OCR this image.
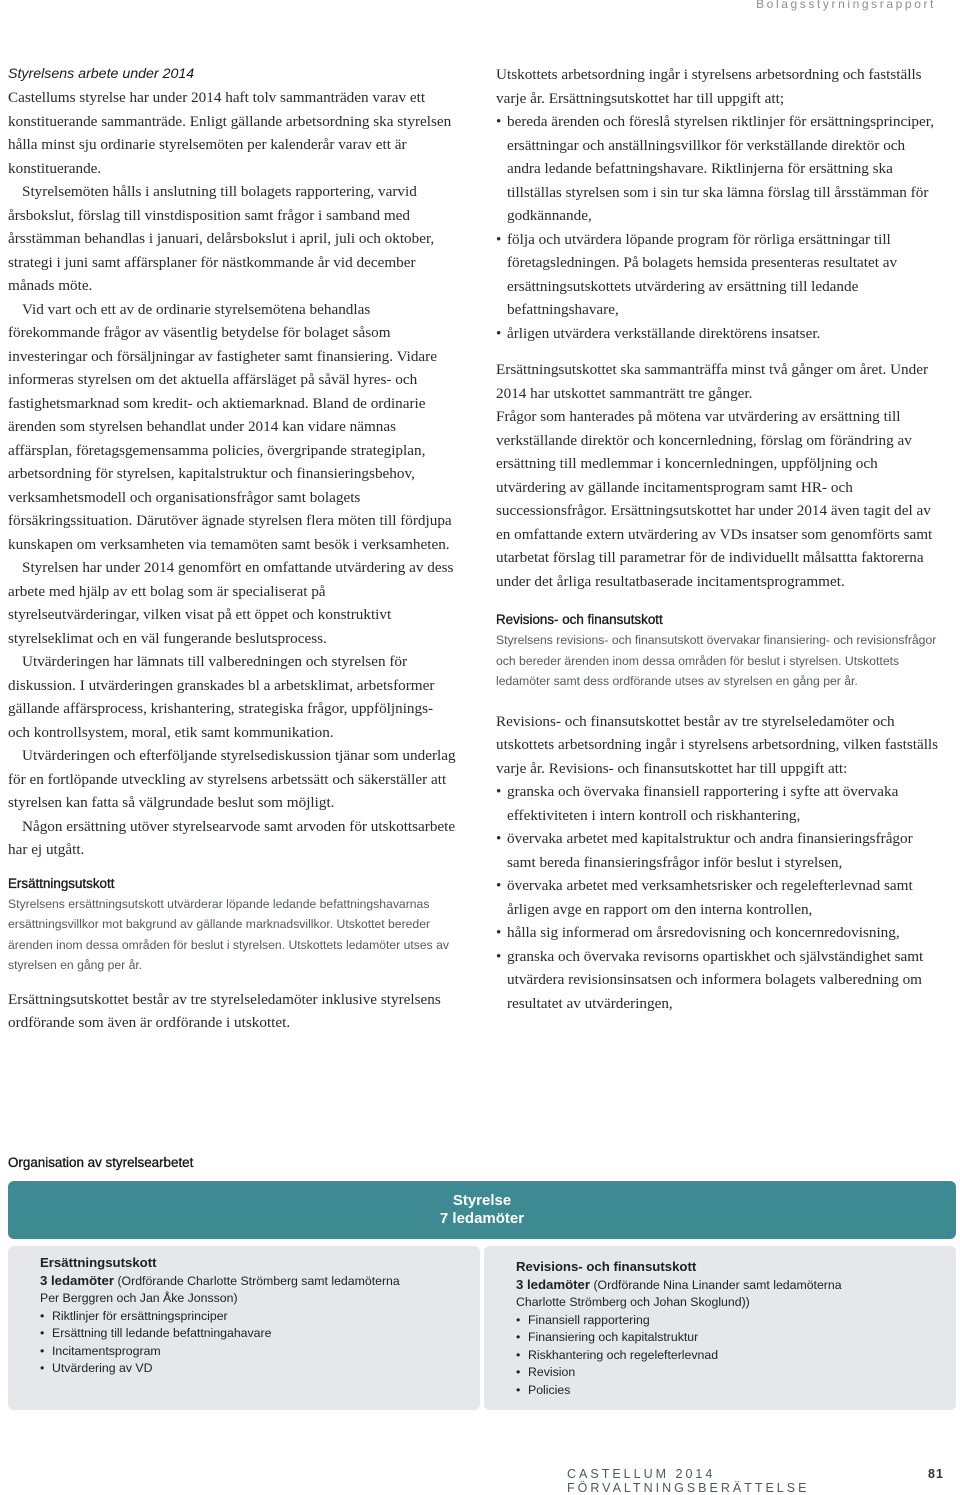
Bolagsstyrningsrapport
Styrelsens arbete under 2014

Castellums styrelse har under 2014 haft tolv sammanträden varav ett konstituerande sammanträde. Enligt gällande arbetsordning ska styrelsen hålla minst sju ordinarie styrelsemöten per kalenderår varav ett är konstituerande.

Styrelsemöten hålls i anslutning till bolagets rapportering, varvid årsbokslut, förslag till vinstdisposition samt frågor i samband med årsstämman behandlas i januari, delårsbokslut i april, juli och oktober, strategi i juni samt affärsplaner för nästkommande år vid december månads möte.

Vid vart och ett av de ordinarie styrelsemötena behandlas förekommande frågor av väsentlig betydelse för bolaget såsom investeringar och försäljningar av fastigheter samt finansiering. Vidare informeras styrelsen om det aktuella affärsläget på såväl hyres- och fastighetsmarknad som kredit- och aktiemarknad. Bland de ordinarie ärenden som styrelsen behandlat under 2014 kan vidare nämnas affärsplan, företagsgemensamma policies, övergripande strategiplan, arbetsordning för styrelsen, kapitalstruktur och finansieringsbehov, verksamhetsmodell och organisationsfrågor samt bolagets försäkringssituation. Därutöver ägnade styrelsen flera möten till fördjupa kunskapen om verksamheten via temamöten samt besök i verksamheten.

Styrelsen har under 2014 genomfört en omfattande utvärdering av dess arbete med hjälp av ett bolag som är specialiserat på styrelseutvärderingar, vilken visat på ett öppet och konstruktivt styrelseklimat och en väl fungerande beslutsprocess.

Utvärderingen har lämnats till valberedningen och styrelsen för diskussion. I utvärderingen granskades bl a arbetsklimat, arbetsformer gällande affärsprocess, krishantering, strategiska frågor, uppföljnings- och kontrollsystem, moral, etik samt kommunikation.

Utvärderingen och efterföljande styrelsediskussion tjänar som underlag för en fortlöpande utveckling av styrelsens arbetssätt och säkerställer att styrelsen kan fatta så välgrundade beslut som möjligt.

Någon ersättning utöver styrelsearvode samt arvoden för utskottsarbete har ej utgått.

Ersättningsutskott

Styrelsens ersättningsutskott utvärderar löpande ledande befattningshavarnas ersättningsvillkor mot bakgrund av gällande marknadsvillkor. Utskottet bereder ärenden inom dessa områden för beslut i styrelsen. Utskottets ledamöter utses av styrelsen en gång per år.

Ersättningsutskottet består av tre styrelseledamöter inklusive styrelsens ordförande som även är ordförande i utskottet.

Utskottets arbetsordning ingår i styrelsens arbetsordning och fastställs varje år. Ersättningsutskottet har till uppgift att;

• bereda ärenden och föreslå styrelsen riktlinjer för ersättningsprinciper, ersättningar och anställningsvillkor för verkställande direktör och andra ledande befattningshavare. Riktlinjerna för ersättning ska tillställas styrelsen som i sin tur ska lämna förslag till årsstämman för godkännande,
• följa och utvärdera löpande program för rörliga ersättningar till företagsledningen. På bolagets hemsida presenteras resultatet av ersättningsutskottets utvärdering av ersättning till ledande befattningshavare,
• årligen utvärdera verkställande direktörens insatser.

Ersättningsutskottet ska sammanträffa minst två gånger om året. Under 2014 har utskottet sammanträtt tre gånger.

Frågor som hanterades på mötena var utvärdering av ersättning till verkställande direktör och koncernledning, förslag om förändring av ersättning till medlemmar i koncernledningen, uppföljning och utvärdering av gällande incitamentsprogram samt HR- och successionsfrågor. Ersättningsutskottet har under 2014 även tagit del av en omfattande extern utvärdering av VDs insatser som genomförts samt utarbetat förslag till parametrar för de individuellt målsattta faktorerna under det årliga resultatbaserade incitamentsprogrammet.

Revisions- och finansutskott

Styrelsens revisions- och finansutskott övervakar finansiering- och revisionsfrågor och bereder ärenden inom dessa områden för beslut i styrelsen. Utskottets ledamöter samt dess ordförande utses av styrelsen en gång per år.

Revisions- och finansutskottet består av tre styrelseledamöter och utskottets arbetsordning ingår i styrelsens arbetsordning, vilken fastställs varje år. Revisions- och finansutskottet har till uppgift att:

• granska och övervaka finansiell rapportering i syfte att övervaka effektiviteten i intern kontroll och riskhantering,
• övervaka arbetet med kapitalstruktur och andra finansieringsfrågor samt bereda finansieringsfrågor inför beslut i styrelsen,
• övervaka arbetet med verksamhetsrisker och regelefterlevnad samt årligen avge en rapport om den interna kontrollen,
• hålla sig informerad om årsredovisning och koncernredovisning,
• granska och övervaka revisorns opartiskhet och självständighet samt utvärdera revisionsinsatsen och informera bolagets valberedning om resultatet av utvärderingen,
Organisation av styrelsearbetet
Styrelse
7 ledamöter
Ersättningsutskott
3 ledamöter (Ordförande Charlotte Strömberg samt ledamöterna
Per Berggren och Jan Åke Jonsson)
• Riktlinjer för ersättningsprinciper
• Ersättning till ledande befattningahavare
• Incitamentsprogram
• Utvärdering av VD
Revisions- och finansutskott
3 ledamöter (Ordförande Nina Linander samt ledamöterna
Charlotte Strömberg och Johan Skoglund))
• Finansiell rapportering
• Finansiering och kapitalstruktur
• Riskhantering och regelefterlevnad
• Revision
• Policies
CASTELLUM 2014 FÖRVALTNINGSBERÄTTELSE
81
